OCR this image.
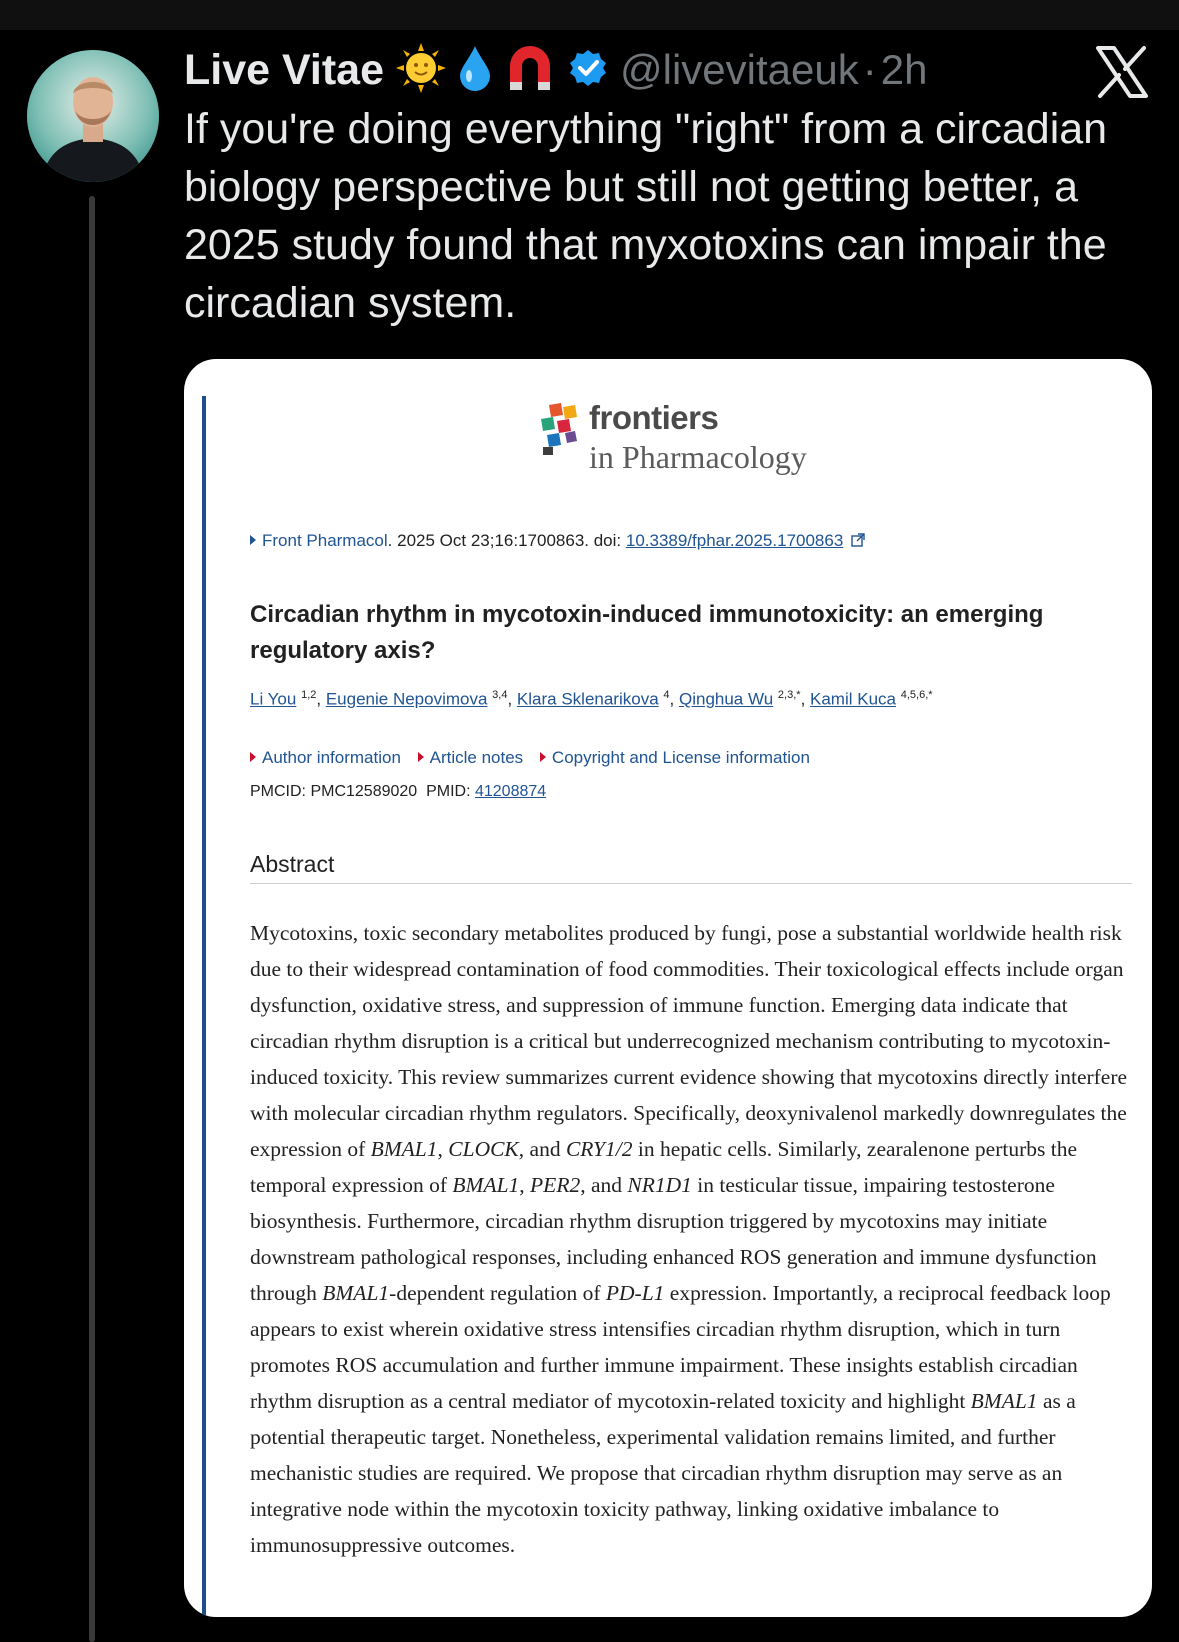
Live Vitae	@livevitaeuk · 2h
If you're doing everything "right" from a circadian biology perspective but still not getting better, a 2025 study found that myxotoxins can impair the circadian system.
frontiers
in Pharmacology
Front Pharmacol. 2025 Oct 23;16:1700863. doi: 10.3389/fphar.2025.1700863
Circadian rhythm in mycotoxin-induced immunotoxicity: an emerging regulatory axis?
Li You $^{1,2}$, Eugenie Nepovimova $^{3,4}$, Klara Sklenarikova $^4$, Qinghua Wu $^{2,3,*}$, Kamil Kuca $^{4,5,6,*}$
Author information Article notes Copyright and License information
PMCID: PMC12589020 PMID: 41208874
Abstract
Mycotoxins, toxic secondary metabolites produced by fungi, pose a substantial worldwide health risk due to their widespread contamination of food commodities. Their toxicological effects include organ dysfunction, oxidative stress, and suppression of immune function. Emerging data indicate that circadian rhythm disruption is a critical but underrecognized mechanism contributing to mycotoxin-induced toxicity. This review summarizes current evidence showing that mycotoxins directly interfere with molecular circadian rhythm regulators. Specifically, deoxynivalenol markedly downregulates the expression of BMAL1, CLOCK, and CRY1/2 in hepatic cells. Similarly, zearalenone perturbs the temporal expression of BMAL1, PER2, and NR1D1 in testicular tissue, impairing testosterone biosynthesis. Furthermore, circadian rhythm disruption triggered by mycotoxins may initiate downstream pathological responses, including enhanced ROS generation and immune dysfunction through BMAL1-dependent regulation of PD-L1 expression. Importantly, a reciprocal feedback loop appears to exist wherein oxidative stress intensifies circadian rhythm disruption, which in turn promotes ROS accumulation and further immune impairment. These insights establish circadian rhythm disruption as a central mediator of mycotoxin-related toxicity and highlight BMAL1 as a potential therapeutic target. Nonetheless, experimental validation remains limited, and further mechanistic studies are required. We propose that circadian rhythm disruption may serve as an integrative node within the mycotoxin toxicity pathway, linking oxidative imbalance to immunosuppressive outcomes.
